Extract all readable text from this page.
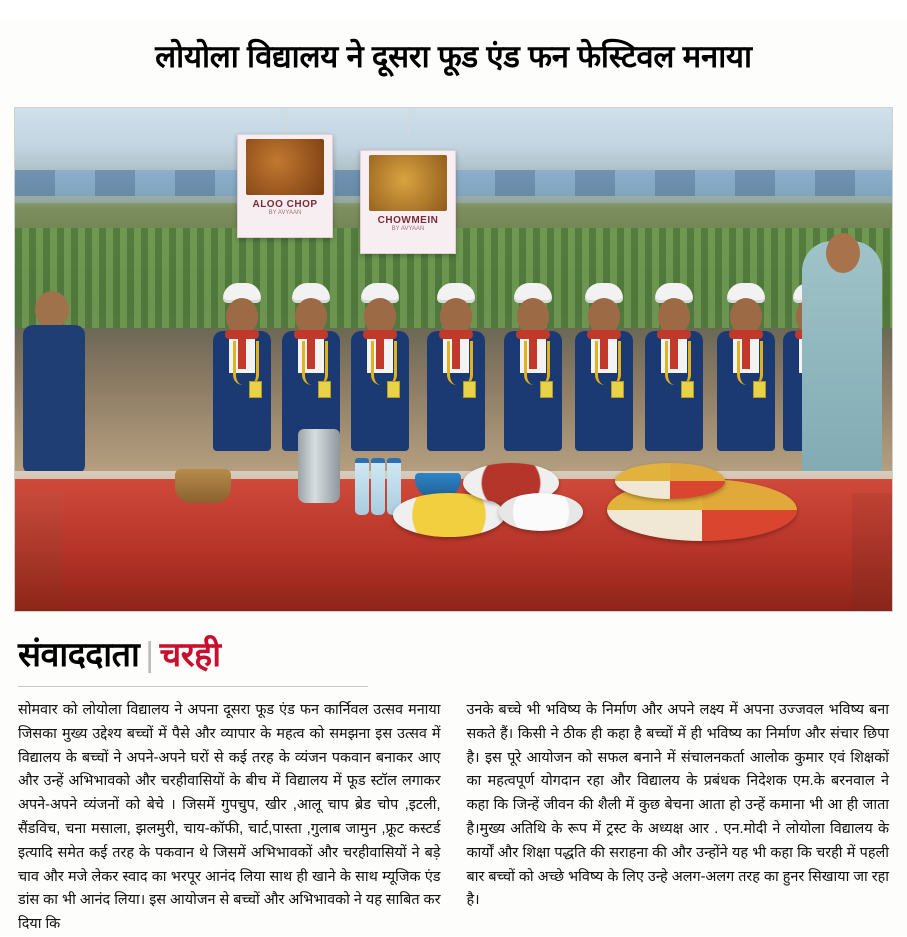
लोयोला विद्यालय ने दूसरा फूड एंड फन फेस्टिवल मनाया
ALOO CHOP
BY AVYAAN
CHOWMEIN
BY AVYAAN
संवाददाता | चरही

सोमवार को लोयोला विद्यालय ने अपना दूसरा फूड एंड फन कार्निवल उत्सव मनाया जिसका मुख्य उद्देश्य बच्चों में पैसे और व्यापार के महत्व को समझना इस उत्सव में विद्यालय के बच्चों ने अपने-अपने घरों से कई तरह के व्यंजन पकवान बनाकर आए और उन्हें अभिभावकाे और चरहीवासियों के बीच में विद्यालय में फूड स्टॉल लगाकर अपने-अपने व्यंजनों को बेचे । जिसमें गुपचुप, खीर ,आलू चाप ब्रेड चोप ,इटली, सैंडविच, चना मसाला, झलमुरी, चाय-कॉफी, चार्ट,पास्ता ,गुलाब जामुन ,फ्रूट कस्टर्ड इत्यादि समेत कई तरह के पकवान थे जिसमें अभिभावकों और चरहीवासियों ने बड़े चाव और मजे लेकर स्वाद का भरपूर आनंद लिया साथ ही खाने के साथ म्यूजिक एंड डांस का भी आनंद लिया। इस आयोजन से बच्चों और अभिभावकाे ने यह साबित कर दिया कि

उनके बच्चे भी भविष्य के निर्माण और अपने लक्ष्य में अपना उज्जवल भविष्य बना सकते हैं। किसी ने ठीक ही कहा है बच्चों में ही भविष्य का निर्माण और संचार छिपा है। इस पूरे आयोजन को सफल बनाने में संचालनकर्ता आलोक कुमार एवं शिक्षकों का महत्वपूर्ण योगदान रहा और विद्यालय के प्रबंधक निदेशक एम.के बरनवाल ने कहा कि जिन्हें जीवन की शैली में कुछ बेचना आता हो उन्हें कमाना भी आ ही जाता है।मुख्य अतिथि के रूप में ट्रस्ट के अध्यक्ष आर . एन.मोदी ने लोयोला विद्यालय के कार्यों और शिक्षा पद्धति की सराहना की और उन्होंने यह भी कहा कि चरही में पहली बार बच्चों को अच्छे भविष्य के लिए उन्हे अलग-अलग तरह का हुनर सिखाया जा रहा है।
